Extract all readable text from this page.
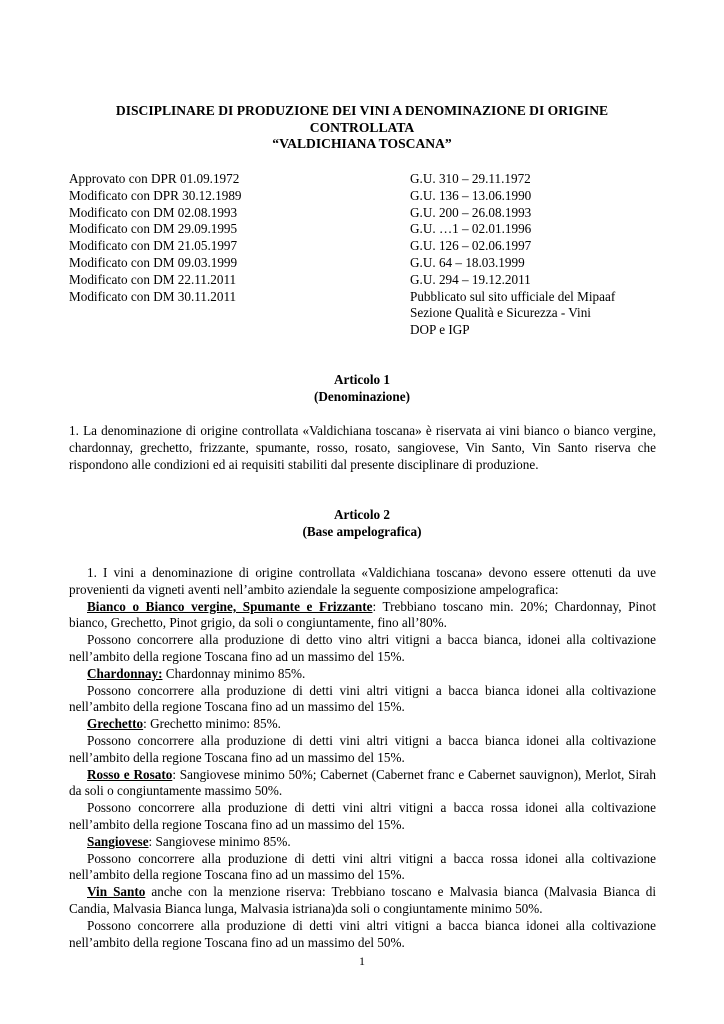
DISCIPLINARE DI PRODUZIONE DEI VINI A DENOMINAZIONE DI ORIGINE
CONTROLLATA
“VALDICHIANA TOSCANA”
Approvato con DPR 01.09.1972	G.U. 310 – 29.11.1972
Modificato con DPR 30.12.1989	G.U. 136 – 13.06.1990
Modificato con DM 02.08.1993	G.U. 200 – 26.08.1993
Modificato con DM 29.09.1995	G.U. …1 – 02.01.1996
Modificato con DM 21.05.1997	G.U. 126 – 02.06.1997
Modificato con DM 09.03.1999	G.U. 64 – 18.03.1999
Modificato con DM 22.11.2011	G.U. 294 – 19.12.2011
Modificato con DM 30.11.2011	Pubblicato sul sito ufficiale del Mipaaf
Sezione Qualità e Sicurezza - Vini
DOP e IGP
Articolo 1
(Denominazione)

1. La denominazione di origine controllata «Valdichiana toscana» è riservata ai vini bianco o bianco vergine, chardonnay, grechetto, frizzante, spumante, rosso, rosato, sangiovese, Vin Santo, Vin Santo riserva che rispondono alle condizioni ed ai requisiti stabiliti dal presente disciplinare di produzione.

Articolo 2
(Base ampelografica)

1. I vini a denominazione di origine controllata «Valdichiana toscana» devono essere ottenuti da uve provenienti da vigneti aventi nell’ambito aziendale la seguente composizione ampelografica:

Bianco o Bianco vergine, Spumante e Frizzante: Trebbiano toscano min. 20%; Chardonnay, Pinot bianco, Grechetto, Pinot grigio, da soli o congiuntamente, fino all’80%.

Possono concorrere alla produzione di detto vino altri vitigni a bacca bianca, idonei alla coltivazione nell’ambito della regione Toscana fino ad un massimo del 15%.

Chardonnay: Chardonnay minimo 85%.

Possono concorrere alla produzione di detti vini altri vitigni a bacca bianca idonei alla coltivazione nell’ambito della regione Toscana fino ad un massimo del 15%.

Grechetto: Grechetto minimo: 85%.

Possono concorrere alla produzione di detti vini altri vitigni a bacca bianca idonei alla coltivazione nell’ambito della regione Toscana fino ad un massimo del 15%.

Rosso e Rosato: Sangiovese minimo 50%; Cabernet (Cabernet franc e Cabernet sauvignon), Merlot, Sirah da soli o congiuntamente massimo 50%.

Possono concorrere alla produzione di detti vini altri vitigni a bacca rossa idonei alla coltivazione nell’ambito della regione Toscana fino ad un massimo del 15%.

Sangiovese: Sangiovese minimo 85%.

Possono concorrere alla produzione di detti vini altri vitigni a bacca rossa idonei alla coltivazione nell’ambito della regione Toscana fino ad un massimo del 15%.

Vin Santo anche con la menzione riserva: Trebbiano toscano e Malvasia bianca (Malvasia Bianca di Candia, Malvasia Bianca lunga, Malvasia istriana)da soli o congiuntamente minimo 50%.

Possono concorrere alla produzione di detti vini altri vitigni a bacca bianca idonei alla coltivazione nell’ambito della regione Toscana fino ad un massimo del 50%.

1
